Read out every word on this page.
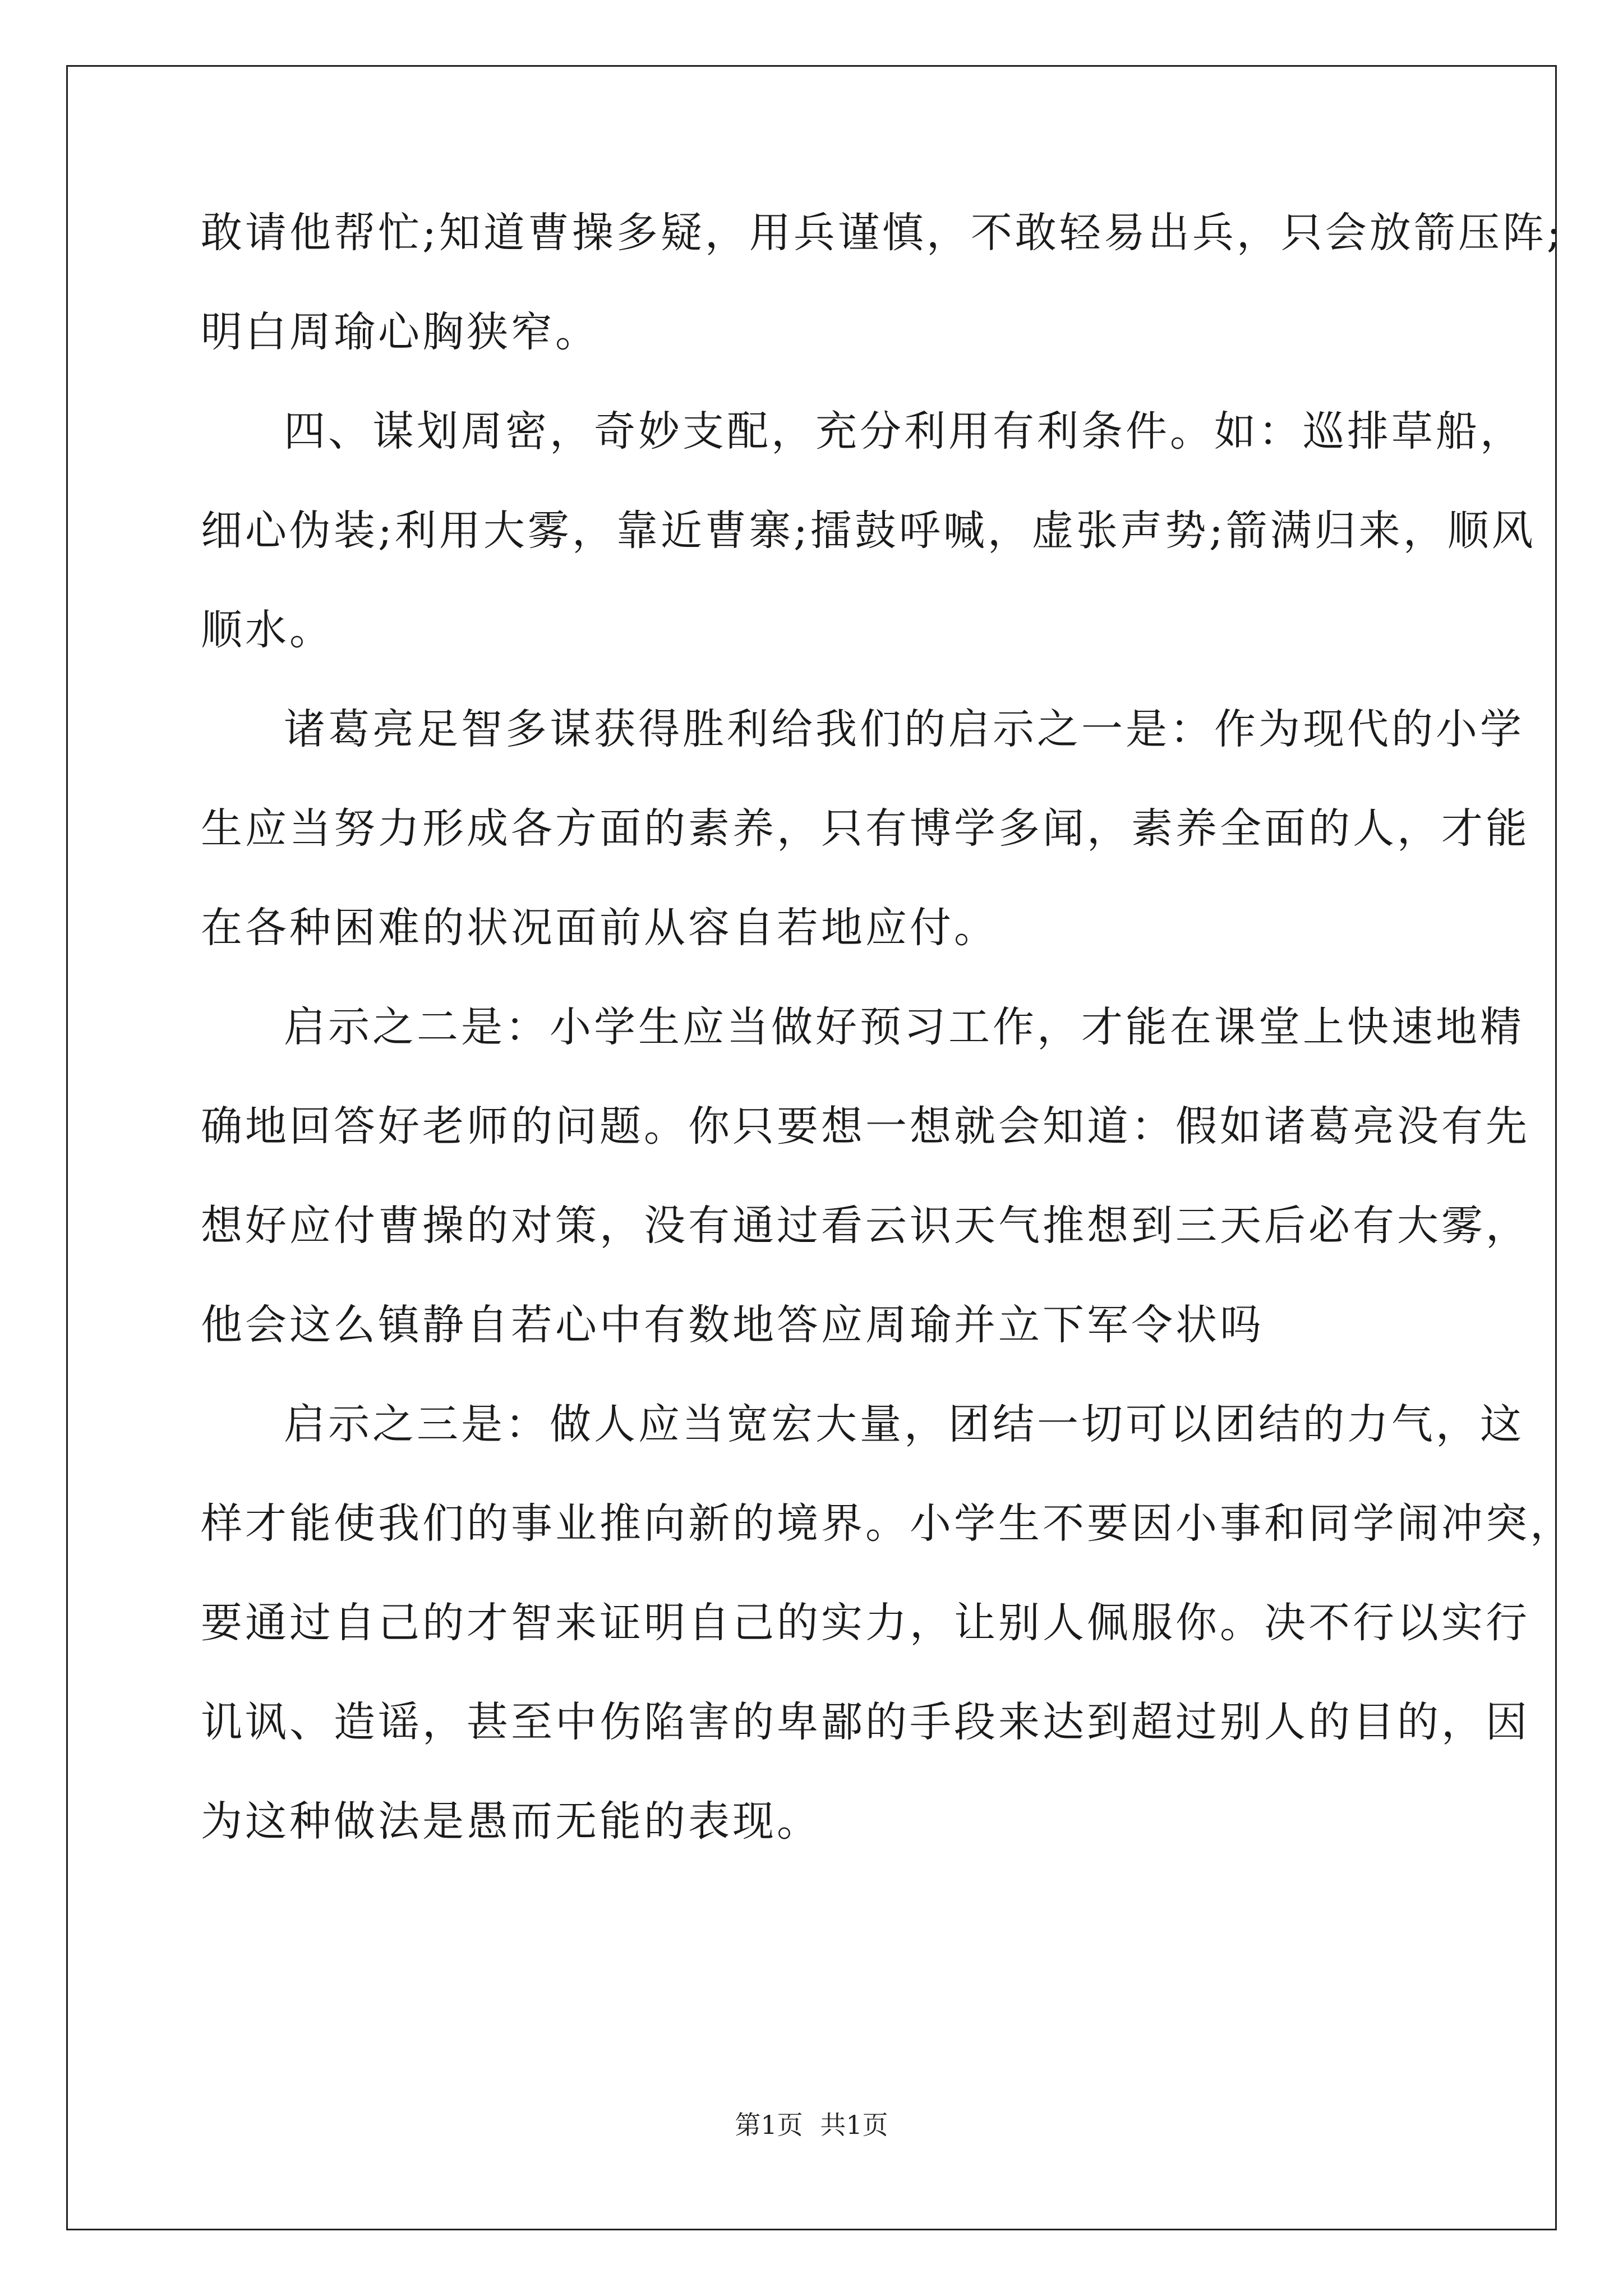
敢请他帮忙;知道曹操多疑，用兵谨慎，不敢轻易出兵，只会放箭压阵;
明白周瑜心胸狭窄。
四、谋划周密，奇妙支配，充分利用有利条件。如：巡排草船，
细心伪装;利用大雾，靠近曹寨;擂鼓呼喊，虚张声势;箭满归来，顺风
顺水。
诸葛亮足智多谋获得胜利给我们的启示之一是：作为现代的小学
生应当努力形成各方面的素养，只有博学多闻，素养全面的人，才能
在各种困难的状况面前从容自若地应付。
启示之二是：小学生应当做好预习工作，才能在课堂上快速地精
确地回答好老师的问题。你只要想一想就会知道：假如诸葛亮没有先
想好应付曹操的对策，没有通过看云识天气推想到三天后必有大雾，
他会这么镇静自若心中有数地答应周瑜并立下军令状吗
启示之三是：做人应当宽宏大量，团结一切可以团结的力气，这
样才能使我们的事业推向新的境界。小学生不要因小事和同学闹冲突，
要通过自己的才智来证明自己的实力，让别人佩服你。决不行以实行
讥讽、造谣，甚至中伤陷害的卑鄙的手段来达到超过别人的目的，因
为这种做法是愚而无能的表现。
第1页 共1页
